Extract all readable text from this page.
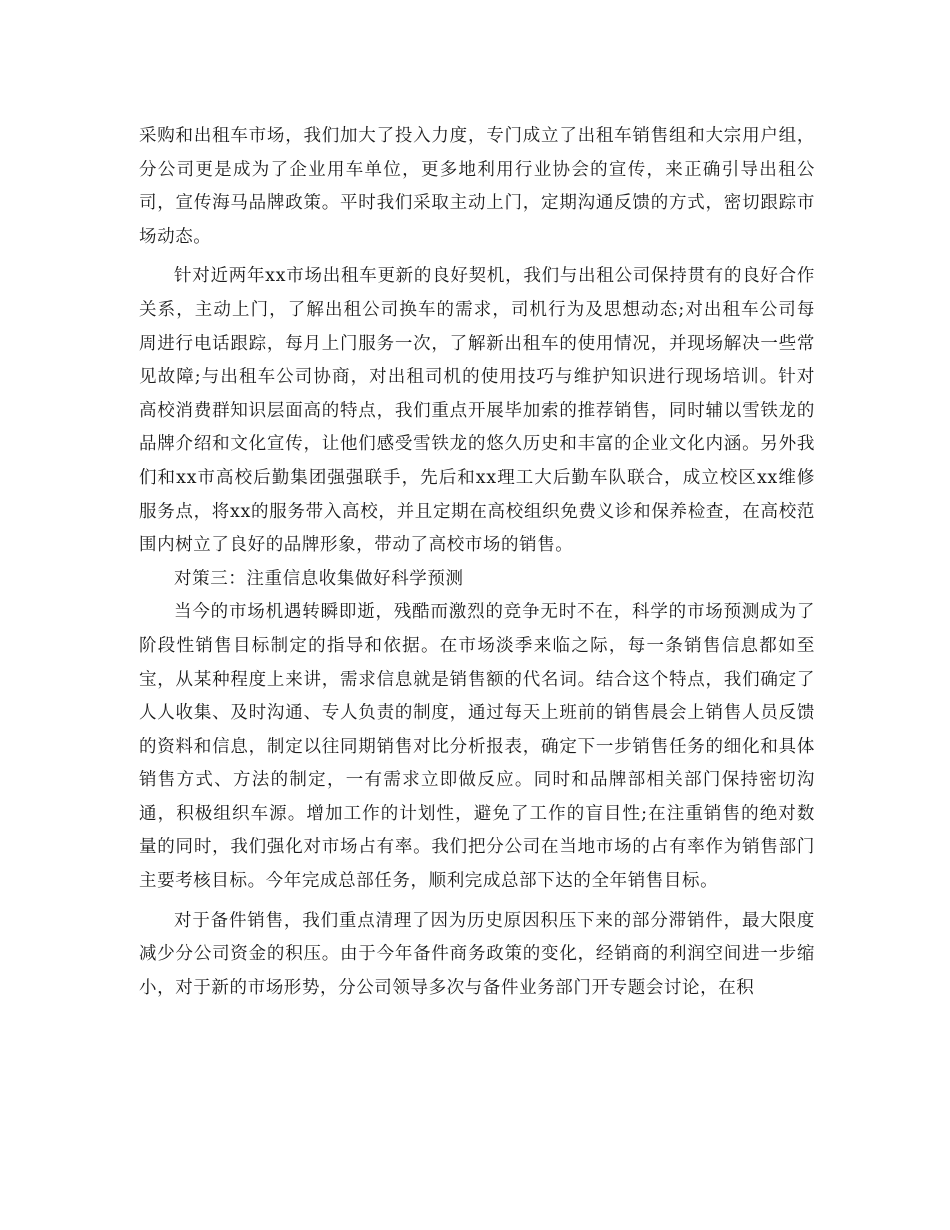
采购和出租车市场，我们加大了投入力度，专门成立了出租车销售组和大宗用户组，分公司更是成为了企业用车单位，更多地利用行业协会的宣传，来正确引导出租公司，宣传海马品牌政策。平时我们采取主动上门，定期沟通反馈的方式，密切跟踪市场动态。

针对近两年xx市场出租车更新的良好契机，我们与出租公司保持贯有的良好合作关系，主动上门，了解出租公司换车的需求，司机行为及思想动态;对出租车公司每周进行电话跟踪，每月上门服务一次，了解新出租车的使用情况，并现场解决一些常见故障;与出租车公司协商，对出租司机的使用技巧与维护知识进行现场培训。针对高校消费群知识层面高的特点，我们重点开展毕加索的推荐销售，同时辅以雪铁龙的品牌介绍和文化宣传，让他们感受雪铁龙的悠久历史和丰富的企业文化内涵。另外我们和xx市高校后勤集团强强联手，先后和xx理工大后勤车队联合，成立校区xx维修服务点，将xx的服务带入高校，并且定期在高校组织免费义诊和保养检查，在高校范围内树立了良好的品牌形象，带动了高校市场的销售。

对策三：注重信息收集做好科学预测

当今的市场机遇转瞬即逝，残酷而激烈的竞争无时不在，科学的市场预测成为了阶段性销售目标制定的指导和依据。在市场淡季来临之际，每一条销售信息都如至宝，从某种程度上来讲，需求信息就是销售额的代名词。结合这个特点，我们确定了人人收集、及时沟通、专人负责的制度，通过每天上班前的销售晨会上销售人员反馈的资料和信息，制定以往同期销售对比分析报表，确定下一步销售任务的细化和具体销售方式、方法的制定，一有需求立即做反应。同时和品牌部相关部门保持密切沟通，积极组织车源。增加工作的计划性，避免了工作的盲目性;在注重销售的绝对数量的同时，我们强化对市场占有率。我们把分公司在当地市场的占有率作为销售部门主要考核目标。今年完成总部任务，顺利完成总部下达的全年销售目标。

对于备件销售，我们重点清理了因为历史原因积压下来的部分滞销件，最大限度减少分公司资金的积压。由于今年备件商务政策的变化，经销商的利润空间进一步缩小，对于新的市场形势，分公司领导多次与备件业务部门开专题会讨论，在积
